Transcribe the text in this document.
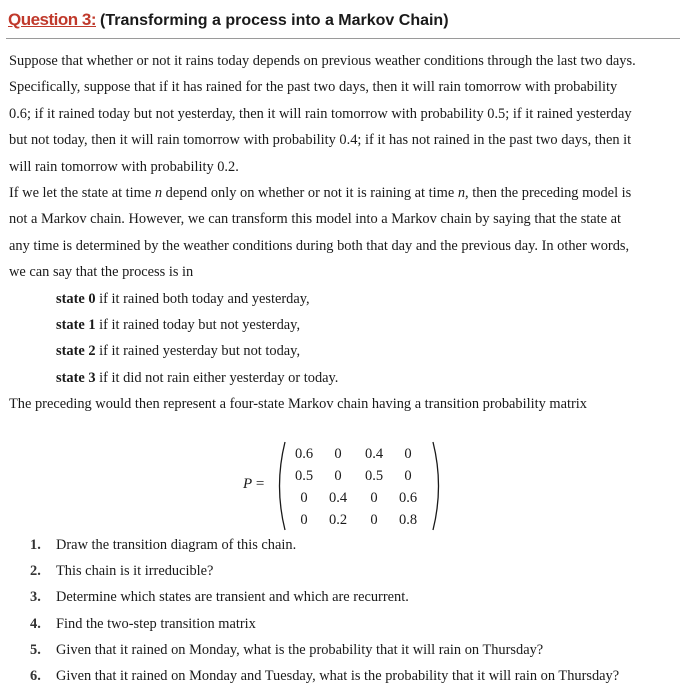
Question 3: (Transforming a process into a Markov Chain)
Suppose that whether or not it rains today depends on previous weather conditions through the last two days.
Specifically, suppose that if it has rained for the past two days, then it will rain tomorrow with probability
0.6; if it rained today but not yesterday, then it will rain tomorrow with probability 0.5; if it rained yesterday
but not today, then it will rain tomorrow with probability 0.4; if it has not rained in the past two days, then it
will rain tomorrow with probability 0.2.
If we let the state at time n depend only on whether or not it is raining at time n, then the preceding model is
not a Markov chain. However, we can transform this model into a Markov chain by saying that the state at
any time is determined by the weather conditions during both that day and the previous day. In other words,
we can say that the process is in
state 0 if it rained both today and yesterday,
state 1 if it rained today but not yesterday,
state 2 if it rained yesterday but not today,
state 3 if it did not rain either yesterday or today.
The preceding would then represent a four-state Markov chain having a transition probability matrix
P =
0.6	0	0.4	0
0.5	0	0.5	0
0	0.4	0	0.6
0	0.2	0	0.8
1.	Draw the transition diagram of this chain.
2.	This chain is it irreducible?
3.	Determine which states are transient and which are recurrent.
4.	Find the two-step transition matrix
5.	Given that it rained on Monday, what is the probability that it will rain on Thursday?
6.	Given that it rained on Monday and Tuesday, what is the probability that it will rain on Thursday?
